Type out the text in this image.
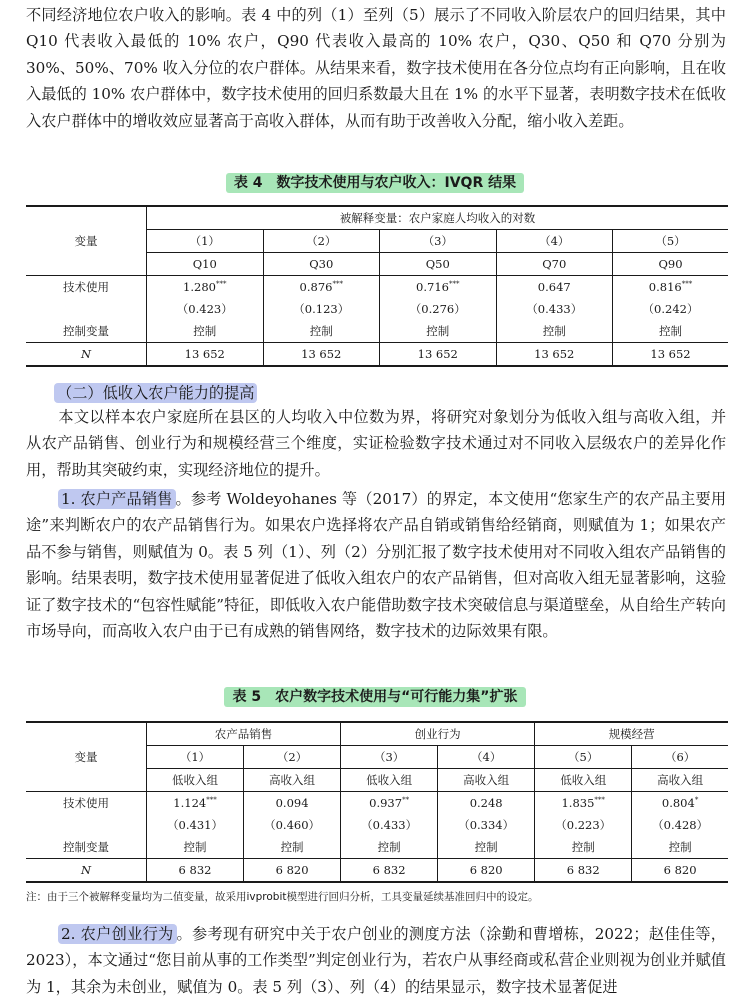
不同经济地位农户收入的影响。表 4 中的列（1）至列（5）展示了不同收入阶层农户的回归结果，其中 Q10 代表收入最低的 10% 农户，Q90 代表收入最高的 10% 农户，Q30、Q50 和 Q70 分别为 30%、50%、70% 收入分位的农户群体。从结果来看，数字技术使用在各分位点均有正向影响，且在收入最低的 10% 农户群体中，数字技术使用的回归系数最大且在 1% 的水平下显著，表明数字技术在低收入农户群体中的增收效应显著高于高收入群体，从而有助于改善收入分配，缩小收入差距。

表 4　数字技术使用与农户收入：IVQR 结果
变量	被解释变量：农户家庭人均收入的对数				
	（1）	（2）	（3）	（4）	（5）
	Q10	Q30	Q50	Q70	Q90
技术使用	1.280***	0.876***	0.716***	0.647	0.816***
	（0.423）	（0.123）	（0.276）	（0.433）	（0.242）
控制变量	控制	控制	控制	控制	控制
N	13 652	13 652	13 652	13 652	13 652
（二）低收入农户能力的提高

本文以样本农户家庭所在县区的人均收入中位数为界，将研究对象划分为低收入组与高收入组，并从农产品销售、创业行为和规模经营三个维度，实证检验数字技术通过对不同收入层级农户的差异化作用，帮助其突破约束，实现经济地位的提升。

1. 农户产品销售 。参考 Woldeyohanes 等（2017）的界定，本文使用“您家生产的农产品主要用途”来判断农户的农产品销售行为。如果农户选择将农产品自销或销售给经销商，则赋值为 1；如果农产品不参与销售，则赋值为 0。表 5 列（1）、列（2）分别汇报了数字技术使用对不同收入组农产品销售的影响。结果表明，数字技术使用显著促进了低收入组农户的农产品销售，但对高收入组无显著影响，这验证了数字技术的“包容性赋能”特征，即低收入农户能借助数字技术突破信息与渠道壁垒，从自给生产转向市场导向，而高收入农户由于已有成熟的销售网络，数字技术的边际效果有限。

表 5　农户数字技术使用与“可行能力集”扩张
变量	农产品销售		创业行为		规模经营	
	（1）	（2）	（3）	（4）	（5）	（6）
	低收入组	高收入组	低收入组	高收入组	低收入组	高收入组
技术使用	1.124***	0.094	0.937**	0.248	1.835***	0.804*
	（0.431）	（0.460）	（0.433）	（0.334）	（0.223）	（0.428）
控制变量	控制	控制	控制	控制	控制	控制
N	6 832	6 820	6 832	6 820	6 832	6 820
注：由于三个被解释变量均为二值变量，故采用ivprobit模型进行回归分析，工具变量延续基准回归中的设定。

2. 农户创业行为 。参考现有研究中关于农户创业的测度方法（涂勤和曹增栋，2022；赵佳佳等，2023），本文通过“您目前从事的工作类型”判定创业行为，若农户从事经商或私营企业则视为创业并赋值为 1，其余为未创业，赋值为 0。表 5 列（3）、列（4）的结果显示，数字技术显著促进
